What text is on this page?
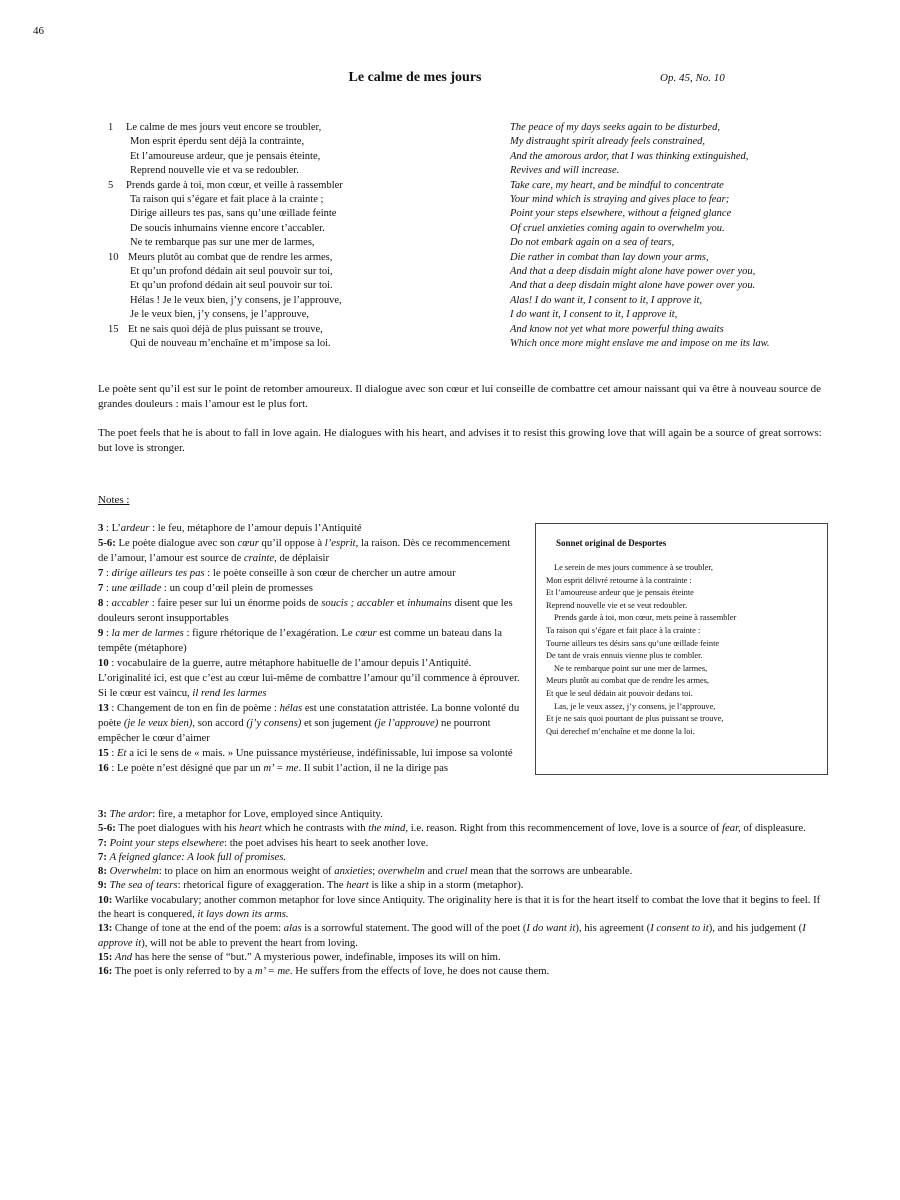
46
Le calme de mes jours	Op. 45, No. 10
1 Le calme de mes jours veut encore se troubler,
Mon esprit éperdu sent déjà la contrainte,
Et l’amoureuse ardeur, que je pensais éteinte,
Reprend nouvelle vie et va se redoubler.
5 Prends garde à toi, mon cœur, et veille à rassembler
Ta raison qui s’égare et fait place à la crainte ;
Dirige ailleurs tes pas, sans qu’une œillade feinte
De soucis inhumains vienne encore t’accabler.
Ne te rembarque pas sur une mer de larmes,
10 Meurs plutôt au combat que de rendre les armes,
Et qu’un profond dédain ait seul pouvoir sur toi,
Et qu’un profond dédain ait seul pouvoir sur toi.
Hélas ! Je le veux bien, j’y consens, je l’approuve,
Je le veux bien, j’y consens, je l’approuve,
15 Et ne sais quoi déjà de plus puissant se trouve,
Qui de nouveau m’enchaîne et m’impose sa loi.
The peace of my days seeks again to be disturbed,
My distraught spirit already feels constrained,
And the amorous ardor, that I was thinking extinguished,
Revives and will increase.
Take care, my heart, and be mindful to concentrate
Your mind which is straying and gives place to fear;
Point your steps elsewhere, without a feigned glance
Of cruel anxieties coming again to overwhelm you.
Do not embark again on a sea of tears,
Die rather in combat than lay down your arms,
And that a deep disdain might alone have power over you,
And that a deep disdain might alone have power over you.
Alas! I do want it, I consent to it, I approve it,
I do want it, I consent to it, I approve it,
And know not yet what more powerful thing awaits
Which once more might enslave me and impose on me its law.
Le poète sent qu’il est sur le point de retomber amoureux. Il dialogue avec son cœur et lui conseille de combattre cet amour naissant qui va être à nouveau source de grandes douleurs : mais l’amour est le plus fort.
The poet feels that he is about to fall in love again. He dialogues with his heart, and advises it to resist this growing love that will again be a source of great sorrows: but love is stronger.
Notes :
3 : L’ardeur : le feu, métaphore de l’amour depuis l’Antiquité
5-6: Le poète dialogue avec son cœur qu’il oppose à l’esprit, la raison. Dès ce recommencement de l’amour, l’amour est source de crainte, de déplaisir
7 : dirige ailleurs tes pas : le poète conseille à son cœur de chercher un autre amour
7 : une œillade : un coup d’œil plein de promesses
8 : accabler : faire peser sur lui un énorme poids de soucis ; accabler et inhumains disent que les douleurs seront insupportables
9 : la mer de larmes : figure rhétorique de l’exagération. Le cœur est comme un bateau dans la tempête (métaphore)
10 : vocabulaire de la guerre, autre métaphore habituelle de l’amour depuis l’Antiquité. L’originalité ici, est que c’est au cœur lui-même de combattre l’amour qu’il commence à éprouver. Si le cœur est vaincu, il rend les larmes
13 : Changement de ton en fin de poème : hélas est une constatation attristée. La bonne volonté du poète (je le veux bien), son accord (j’y consens) et son jugement (je l’approuve) ne pourront empêcher le cœur d’aimer
15 : Et a ici le sens de « mais. » Une puissance mystérieuse, indéfinissable, lui impose sa volonté
16 : Le poète n’est désigné que par un m’ = me. Il subit l’action, il ne la dirige pas
Sonnet original de Desportes
Le serein de mes jours commence à se troubler,
Mon esprit délivré retourne à la contrainte :
Et l’amoureuse ardeur que je pensais éteinte
Reprend nouvelle vie et se veut redoubler.
Prends garde à toi, mon cœur, mets peine à rassembler
Ta raison qui s’égare et fait place à la crainte :
Tourne ailleurs tes désirs sans qu’une œillade feinte
De tant de vrais ennuis vienne plus te combler.
Ne te rembarque point sur une mer de larmes,
Meurs plutôt au combat que de rendre les armes,
Et que le seul dédain ait pouvoir dedans toi.
Las, je le veux assez, j’y consens, je l’approuve,
Et je ne sais quoi pourtant de plus puissant se trouve,
Qui derechef m’enchaîne et me donne la loi.
3: The ardor: fire, a metaphor for Love, employed since Antiquity.
5-6: The poet dialogues with his heart which he contrasts with the mind, i.e. reason. Right from this recommencement of love, love is a source of fear, of displeasure.
7: Point your steps elsewhere: the poet advises his heart to seek another love.
7: A feigned glance: A look full of promises.
8: Overwhelm: to place on him an enormous weight of anxieties; overwhelm and cruel mean that the sorrows are unbearable.
9: The sea of tears: rhetorical figure of exaggeration. The heart is like a ship in a storm (metaphor).
10: Warlike vocabulary; another common metaphor for love since Antiquity. The originality here is that it is for the heart itself to combat the love that it begins to feel. If the heart is conquered, it lays down its arms.
13: Change of tone at the end of the poem: alas is a sorrowful statement. The good will of the poet (I do want it), his agreement (I consent to it), and his judgement (I approve it), will not be able to prevent the heart from loving.
15: And has here the sense of “but.” A mysterious power, indefinable, imposes its will on him.
16: The poet is only referred to by a m’ = me. He suffers from the effects of love, he does not cause them.
